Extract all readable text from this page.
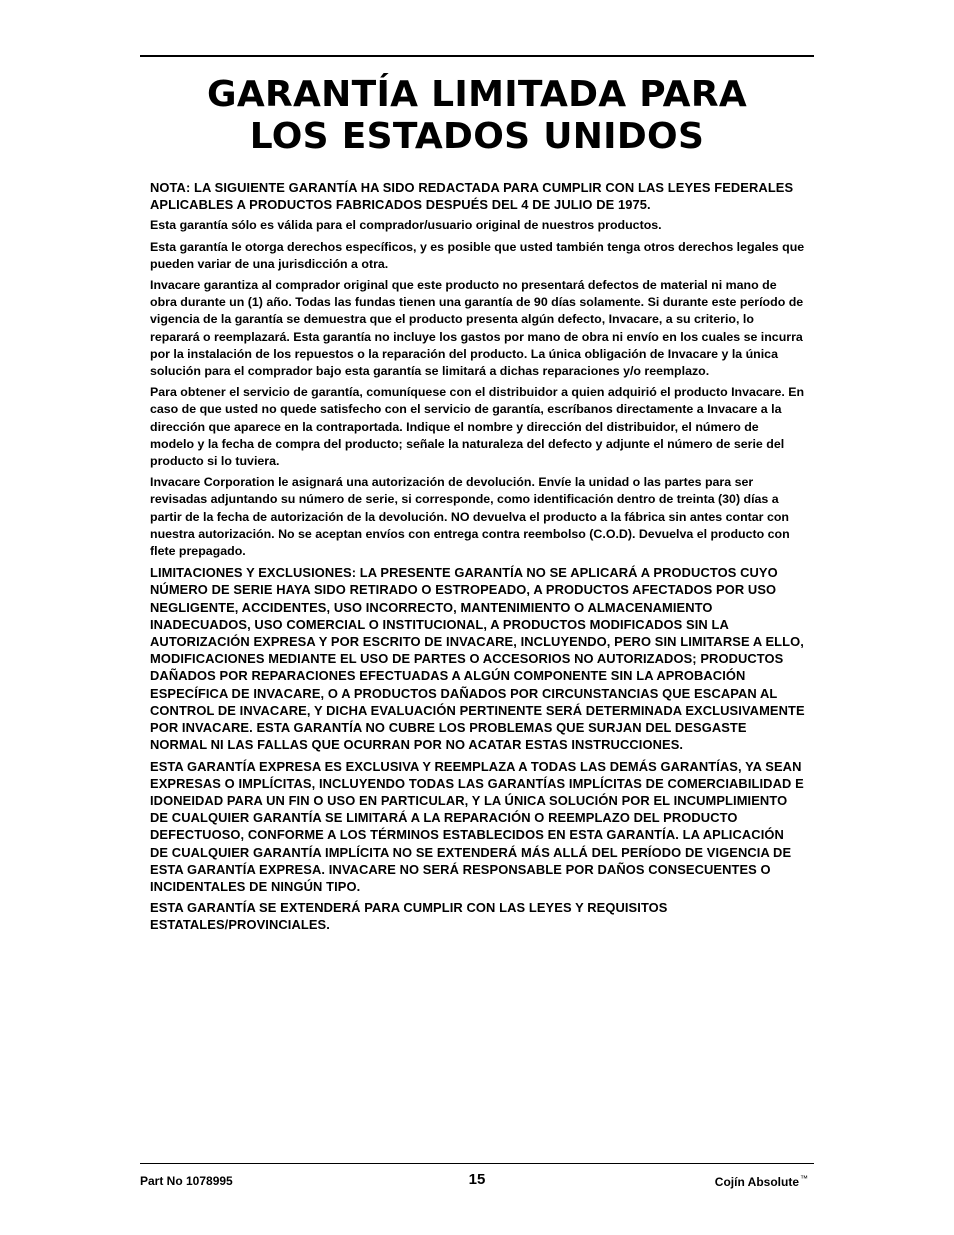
GARANTÍA LIMITADA PARA
LOS ESTADOS UNIDOS

NOTA: LA SIGUIENTE GARANTÍA HA SIDO REDACTADA PARA CUMPLIR CON LAS LEYES FEDERALES APLICABLES A PRODUCTOS FABRICADOS DESPUÉS DEL 4 DE JULIO DE 1975.

Esta garantía sólo es válida para el comprador/usuario original de nuestros productos.

Esta garantía le otorga derechos específicos, y es posible que usted también tenga otros derechos legales que pueden variar de una jurisdicción a otra.

Invacare garantiza al comprador original que este producto no presentará defectos de material ni mano de obra durante un (1) año. Todas las fundas tienen una garantía de 90 días solamente. Si durante este período de vigencia de la garantía se demuestra que el producto presenta algún defecto, Invacare, a su criterio, lo reparará o reemplazará. Esta garantía no incluye los gastos por mano de obra ni envío en los cuales se incurra por la instalación de los repuestos o la reparación del producto. La única obligación de Invacare y la única solución para el comprador bajo esta garantía se limitará a dichas reparaciones y/o reemplazo.

Para obtener el servicio de garantía, comuníquese con el distribuidor a quien adquirió el producto Invacare. En caso de que usted no quede satisfecho con el servicio de garantía, escríbanos directamente a Invacare a la dirección que aparece en la contraportada. Indique el nombre y dirección del distribuidor, el número de modelo y la fecha de compra del producto; señale la naturaleza del defecto y adjunte el número de serie del producto si lo tuviera.

Invacare Corporation le asignará una autorización de devolución. Envíe la unidad o las partes para ser revisadas adjuntando su número de serie, si corresponde, como identificación dentro de treinta (30) días a partir de la fecha de autorización de la devolución. NO devuelva el producto a la fábrica sin antes contar con nuestra autorización. No se aceptan envíos con entrega contra reembolso (C.O.D). Devuelva el producto con flete prepagado.

LIMITACIONES Y EXCLUSIONES: LA PRESENTE GARANTÍA NO SE APLICARÁ A PRODUCTOS CUYO NÚMERO DE SERIE HAYA SIDO RETIRADO O ESTROPEADO, A PRODUCTOS AFECTADOS POR USO NEGLIGENTE, ACCIDENTES, USO INCORRECTO, MANTENIMIENTO O ALMACENAMIENTO INADECUADOS, USO COMERCIAL O INSTITUCIONAL, A PRODUCTOS MODIFICADOS SIN LA AUTORIZACIÓN EXPRESA Y POR ESCRITO DE INVACARE, INCLUYENDO, PERO SIN LIMITARSE A ELLO, MODIFICACIONES MEDIANTE EL USO DE PARTES O ACCESORIOS NO AUTORIZADOS; PRODUCTOS DAÑADOS POR REPARACIONES EFECTUADAS A ALGÚN COMPONENTE SIN LA APROBACIÓN ESPECÍFICA DE INVACARE, O A PRODUCTOS DAÑADOS POR CIRCUNSTANCIAS QUE ESCAPAN AL CONTROL DE INVACARE, Y DICHA EVALUACIÓN PERTINENTE SERÁ DETERMINADA EXCLUSIVAMENTE POR INVACARE. ESTA GARANTÍA NO CUBRE LOS PROBLEMAS QUE SURJAN DEL DESGASTE NORMAL NI LAS FALLAS QUE OCURRAN POR NO ACATAR ESTAS INSTRUCCIONES.

ESTA GARANTÍA EXPRESA ES EXCLUSIVA Y REEMPLAZA A TODAS LAS DEMÁS GARANTÍAS, YA SEAN EXPRESAS O IMPLÍCITAS, INCLUYENDO TODAS LAS GARANTÍAS IMPLÍCITAS DE COMERCIABILIDAD E IDONEIDAD PARA UN FIN O USO EN PARTICULAR, Y LA ÚNICA SOLUCIÓN POR EL INCUMPLIMIENTO DE CUALQUIER GARANTÍA SE LIMITARÁ A LA REPARACIÓN O REEMPLAZO DEL PRODUCTO DEFECTUOSO, CONFORME A LOS TÉRMINOS ESTABLECIDOS EN ESTA GARANTÍA. LA APLICACIÓN DE CUALQUIER GARANTÍA IMPLÍCITA NO SE EXTENDERÁ MÁS ALLÁ DEL PERÍODO DE VIGENCIA DE ESTA GARANTÍA EXPRESA. INVACARE NO SERÁ RESPONSABLE POR DAÑOS CONSECUENTES O INCIDENTALES DE NINGÚN TIPO.

ESTA GARANTÍA SE EXTENDERÁ PARA CUMPLIR CON LAS LEYES Y REQUISITOS ESTATALES/PROVINCIALES.

Part No 1078995	15	Cojín Absolute™
